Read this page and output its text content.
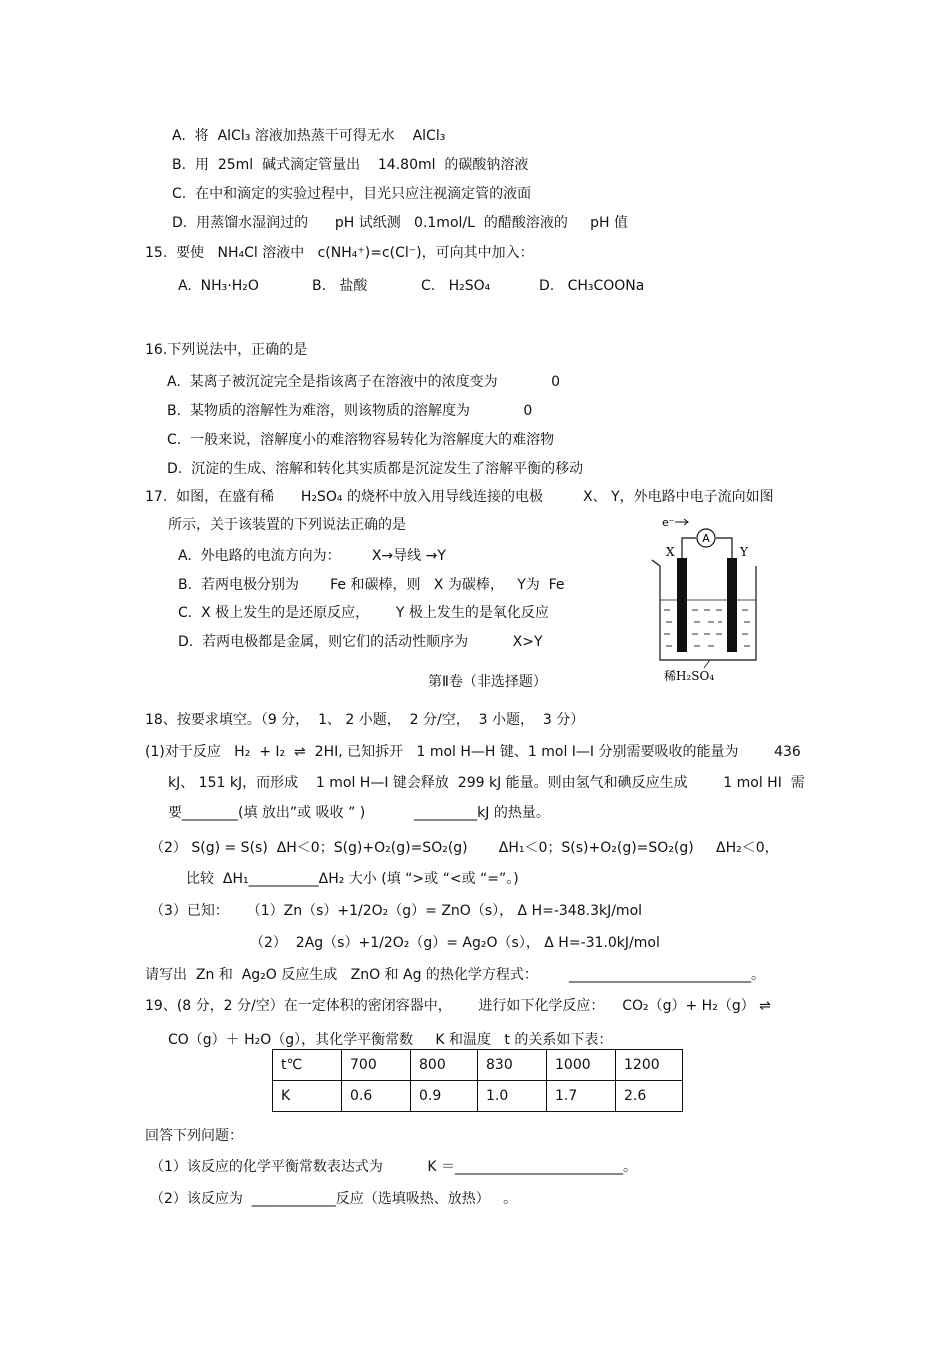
A.  将  AlCl₃ 溶液加热蒸干可得无水    AlCl₃
B.  用  25ml  碱式滴定管量出    14.80ml  的碳酸钠溶液
C.  在中和滴定的实验过程中，目光只应注视滴定管的液面
D.  用蒸馏水湿润过的      pH 试纸测   0.1mol/L  的醋酸溶液的     pH 值
15.  要使   NH₄Cl 溶液中   c(NH₄⁺)=c(Cl⁻)，可向其中加入：
A.  NH₃·H₂O	B.   盐酸	C.   H₂SO₄	D.   CH₃COONa
16.下列说法中，正确的是
A.  某离子被沉淀完全是指该离子在溶液中的浓度变为            0
B.  某物质的溶解性为难溶，则该物质的溶解度为            0
C.  一般来说，溶解度小的难溶物容易转化为溶解度大的难溶物
D.  沉淀的生成、溶解和转化其实质都是沉淀发生了溶解平衡的移动
17.  如图，在盛有稀      H₂SO₄ 的烧杯中放入用导线连接的电极         X、 Y，外电路中电子流向如图
所示，关于该装置的下列说法正确的是
A.  外电路的电流方向为：       X→导线 →Y
B.  若两电极分别为       Fe 和碳棒，则   X 为碳棒，   Y为  Fe
C.  X 极上发生的是还原反应，      Y 极上发生的是氧化反应
D.  若两电极都是金属，则它们的活动性顺序为          X>Y
e⁻
A
X	Y
稀H₂SO₄
第Ⅱ卷（非选择题）
18、按要求填空。（9 分，  1、 2 小题，  2 分/空，  3 小题，  3 分）
(1)对于反应   H₂  + I₂  ⇌  2HI, 已知拆开   1 mol H—H 键、1 mol I—I 分别需要吸收的能量为        436
kJ、 151 kJ，而形成    1 mol H—I 键会释放  299 kJ 能量。则由氢气和碘反应生成        1 mol HI  需
要________(填 放出”或 吸收 ” )           _________kJ 的热量。
（2） S(g) = S(s)  ΔH＜0；S(g)+O₂(g)=SO₂(g)       ΔH₁＜0；S(s)+O₂(g)=SO₂(g)     ΔH₂＜0，
比较  ΔH₁__________ΔH₂ 大小 (填 “>或 “<或 “=”。)
（3）已知：    （1）Zn（s）+1/2O₂（g）= ZnO（s）， Δ H=-348.3kJ/mol
（2）  2Ag（s）+1/2O₂（g）= Ag₂O（s）， Δ H=-31.0kJ/mol
请写出  Zn 和  Ag₂O 反应生成   ZnO 和 Ag 的热化学方程式：       __________________________。
19、(8 分，2 分/空）在一定体积的密闭容器中，      进行如下化学反应：    CO₂（g）+ H₂（g） ⇌
CO（g）＋ H₂O（g），其化学平衡常数     K 和温度   t 的关系如下表：
t℃	700	800	830	1000	1200
K	0.6	0.9	1.0	1.7	2.6
回答下列问题：
（1）该反应的化学平衡常数表达式为          K ＝________________________。
（2）该反应为  ____________反应（选填吸热、放热）   。
